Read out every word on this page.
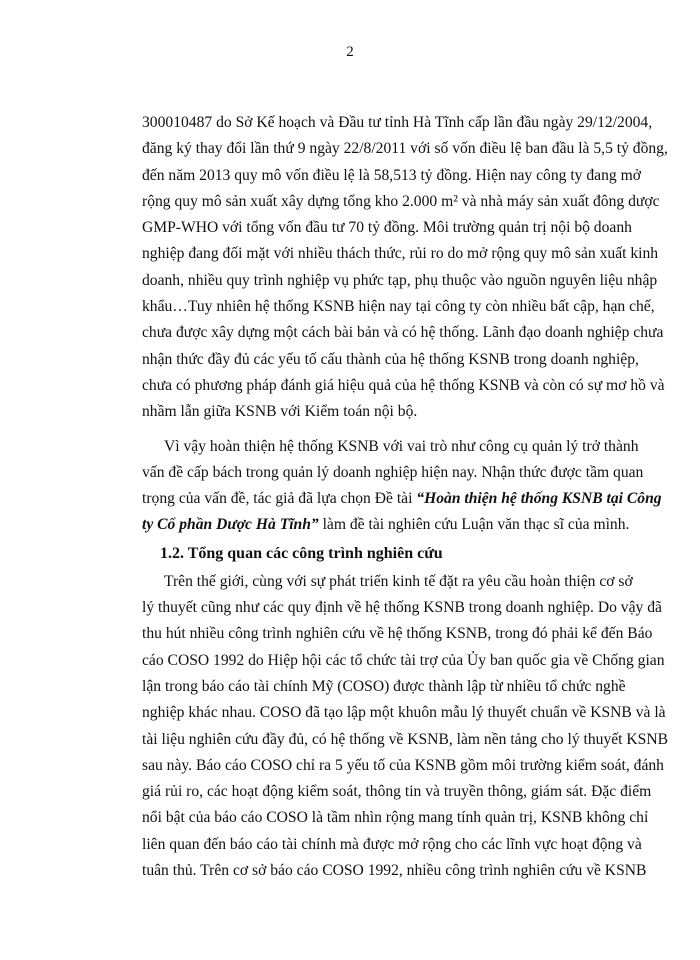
2
300010487 do Sở Kế hoạch và Đầu tư tỉnh Hà Tĩnh cấp lần đầu ngày 29/12/2004,
đăng ký thay đổi lần thứ 9 ngày 22/8/2011 với số vốn điều lệ ban đầu là 5,5 tỷ đồng,
đến năm 2013 quy mô vốn điều lệ là 58,513 tỷ đồng. Hiện nay công ty đang mở
rộng quy mô sản xuất xây dựng tổng kho 2.000 m² và nhà máy sản xuất đông dược
GMP-WHO với tổng vốn đầu tư 70 tỷ đồng. Môi trường quản trị nội bộ doanh
nghiệp đang đối mặt với nhiều thách thức, rủi ro do mở rộng quy mô sản xuất kinh
doanh, nhiều quy trình nghiệp vụ phức tạp, phụ thuộc vào nguồn nguyên liệu nhập
khẩu…Tuy nhiên hệ thống KSNB hiện nay tại công ty còn nhiều bất cập, hạn chế,
chưa được xây dựng một cách bài bản và có hệ thống. Lãnh đạo doanh nghiệp chưa
nhận thức đầy đủ các yếu tố cấu thành của hệ thống KSNB trong doanh nghiệp,
chưa có phương pháp đánh giá hiệu quả của hệ thống KSNB và còn có sự mơ hồ và
nhầm lẫn giữa KSNB với Kiểm toán nội bộ.
Vì vậy hoàn thiện hệ thống KSNB với vai trò như công cụ quản lý trở thành
vấn đề cấp bách trong quản lý doanh nghiệp hiện nay. Nhận thức được tầm quan
trọng của vấn đề, tác giả đã lựa chọn Đề tài “Hoàn thiện hệ thống KSNB tại Công
ty Cổ phần Dược Hà Tĩnh” làm đề tài nghiên cứu Luận văn thạc sĩ của mình.
1.2. Tổng quan các công trình nghiên cứu
Trên thế giới, cùng với sự phát triển kinh tế đặt ra yêu cầu hoàn thiện cơ sở
lý thuyết cũng như các quy định về hệ thống KSNB trong doanh nghiệp. Do vậy đã
thu hút nhiều công trình nghiên cứu về hệ thống KSNB, trong đó phải kể đến Báo
cáo COSO 1992 do Hiệp hội các tổ chức tài trợ của Ủy ban quốc gia về Chống gian
lận trong báo cáo tài chính Mỹ (COSO) được thành lập từ nhiều tổ chức nghề
nghiệp khác nhau. COSO đã tạo lập một khuôn mẫu lý thuyết chuẩn về KSNB và là
tài liệu nghiên cứu đầy đủ, có hệ thống về KSNB, làm nền tảng cho lý thuyết KSNB
sau này. Báo cáo COSO chỉ ra 5 yếu tố của KSNB gồm môi trường kiểm soát, đánh
giá rủi ro, các hoạt động kiểm soát, thông tin và truyền thông, giám sát. Đặc điểm
nổi bật của báo cáo COSO là tầm nhìn rộng mang tính quản trị, KSNB không chỉ
liên quan đến báo cáo tài chính mà được mở rộng cho các lĩnh vực hoạt động và
tuân thủ. Trên cơ sở báo cáo COSO 1992, nhiều công trình nghiên cứu về KSNB
